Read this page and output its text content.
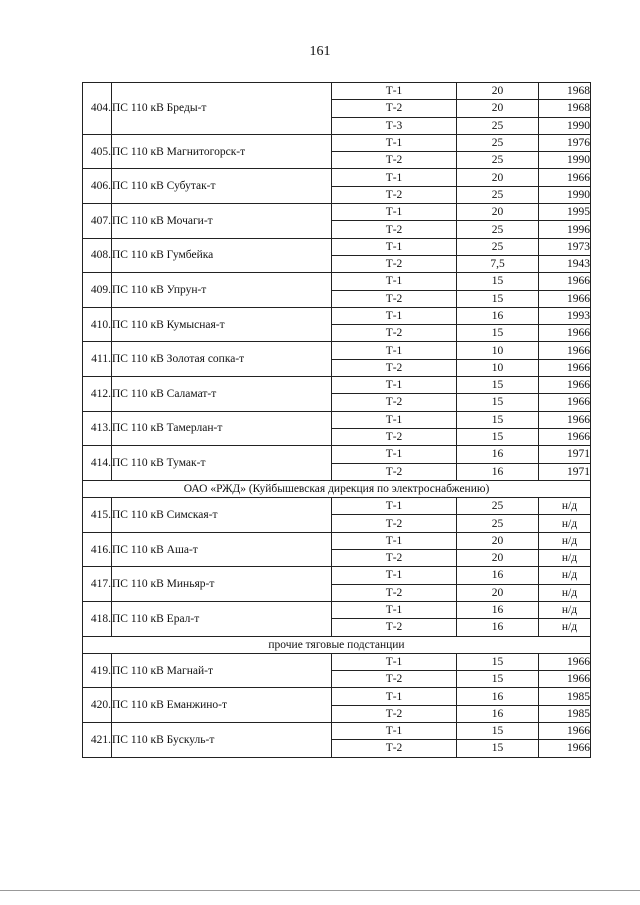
161
404.	ПС 110 кВ Бреды-т	Т-1	20	1968
		Т-2	20	1968
		Т-3	25	1990
405.	ПС 110 кВ Магнитогорск-т	Т-1	25	1976
		Т-2	25	1990
406.	ПС 110 кВ Субутак-т	Т-1	20	1966
		Т-2	25	1990
407.	ПС 110 кВ Мочаги-т	Т-1	20	1995
		Т-2	25	1996
408.	ПС 110 кВ Гумбейка	Т-1	25	1973
		Т-2	7,5	1943
409.	ПС 110 кВ Упрун-т	Т-1	15	1966
		Т-2	15	1966
410.	ПС 110 кВ Кумысная-т	Т-1	16	1993
		Т-2	15	1966
411.	ПС 110 кВ Золотая сопка-т	Т-1	10	1966
		Т-2	10	1966
412.	ПС 110 кВ Саламат-т	Т-1	15	1966
		Т-2	15	1966
413.	ПС 110 кВ Тамерлан-т	Т-1	15	1966
		Т-2	15	1966
414.	ПС 110 кВ Тумак-т	Т-1	16	1971
		Т-2	16	1971
ОАО «РЖД» (Куйбышевская дирекция по электроснабжению)				
415.	ПС 110 кВ Симская-т	Т-1	25	н/д
		Т-2	25	н/д
416.	ПС 110 кВ Аша-т	Т-1	20	н/д
		Т-2	20	н/д
417.	ПС 110 кВ Миньяр-т	Т-1	16	н/д
		Т-2	20	н/д
418.	ПС 110 кВ Ерал-т	Т-1	16	н/д
		Т-2	16	н/д
прочие тяговые подстанции				
419.	ПС 110 кВ Магнай-т	Т-1	15	1966
		Т-2	15	1966
420.	ПС 110 кВ Еманжино-т	Т-1	16	1985
		Т-2	16	1985
421.	ПС 110 кВ Бускуль-т	Т-1	15	1966
		Т-2	15	1966
